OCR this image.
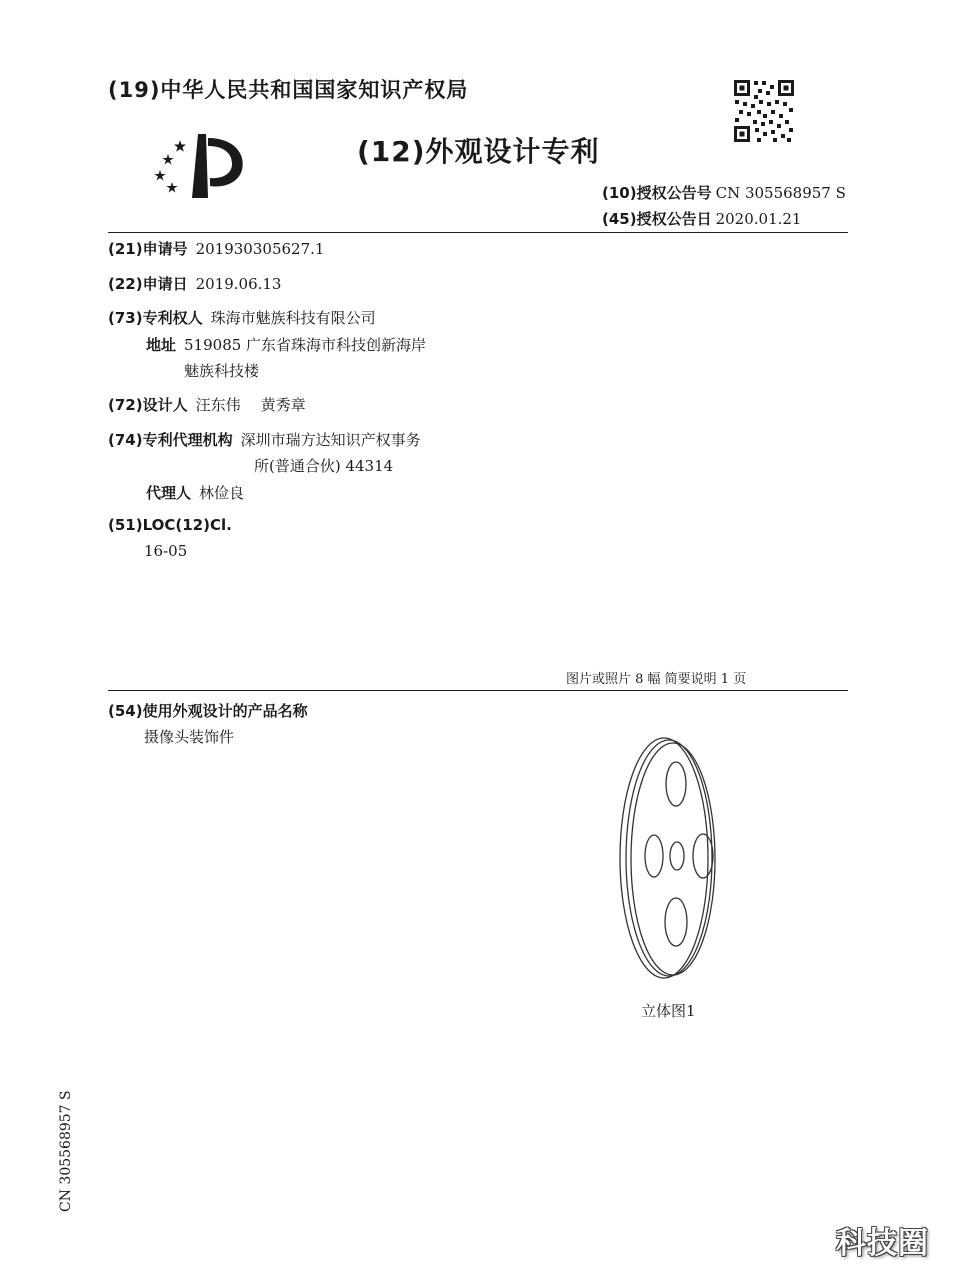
(19)中华人民共和国国家知识产权局
(12)外观设计专利
(10)授权公告号 CN 305568957 S
(45)授权公告日 2020.01.21
(21)申请号 201930305627.1
(22)申请日 2019.06.13
(73)专利权人 珠海市魅族科技有限公司
地址 519085 广东省珠海市科技创新海岸
魅族科技楼
(72)设计人 汪东伟 黄秀章
(74)专利代理机构 深圳市瑞方达知识产权事务
所(普通合伙) 44314
代理人 林俭良
(51)LOC(12)Cl.
16-05
图片或照片 8 幅 简要说明 1 页
(54)使用外观设计的产品名称
摄像头装饰件
立体图1
CN 305568957 S
科技圈
